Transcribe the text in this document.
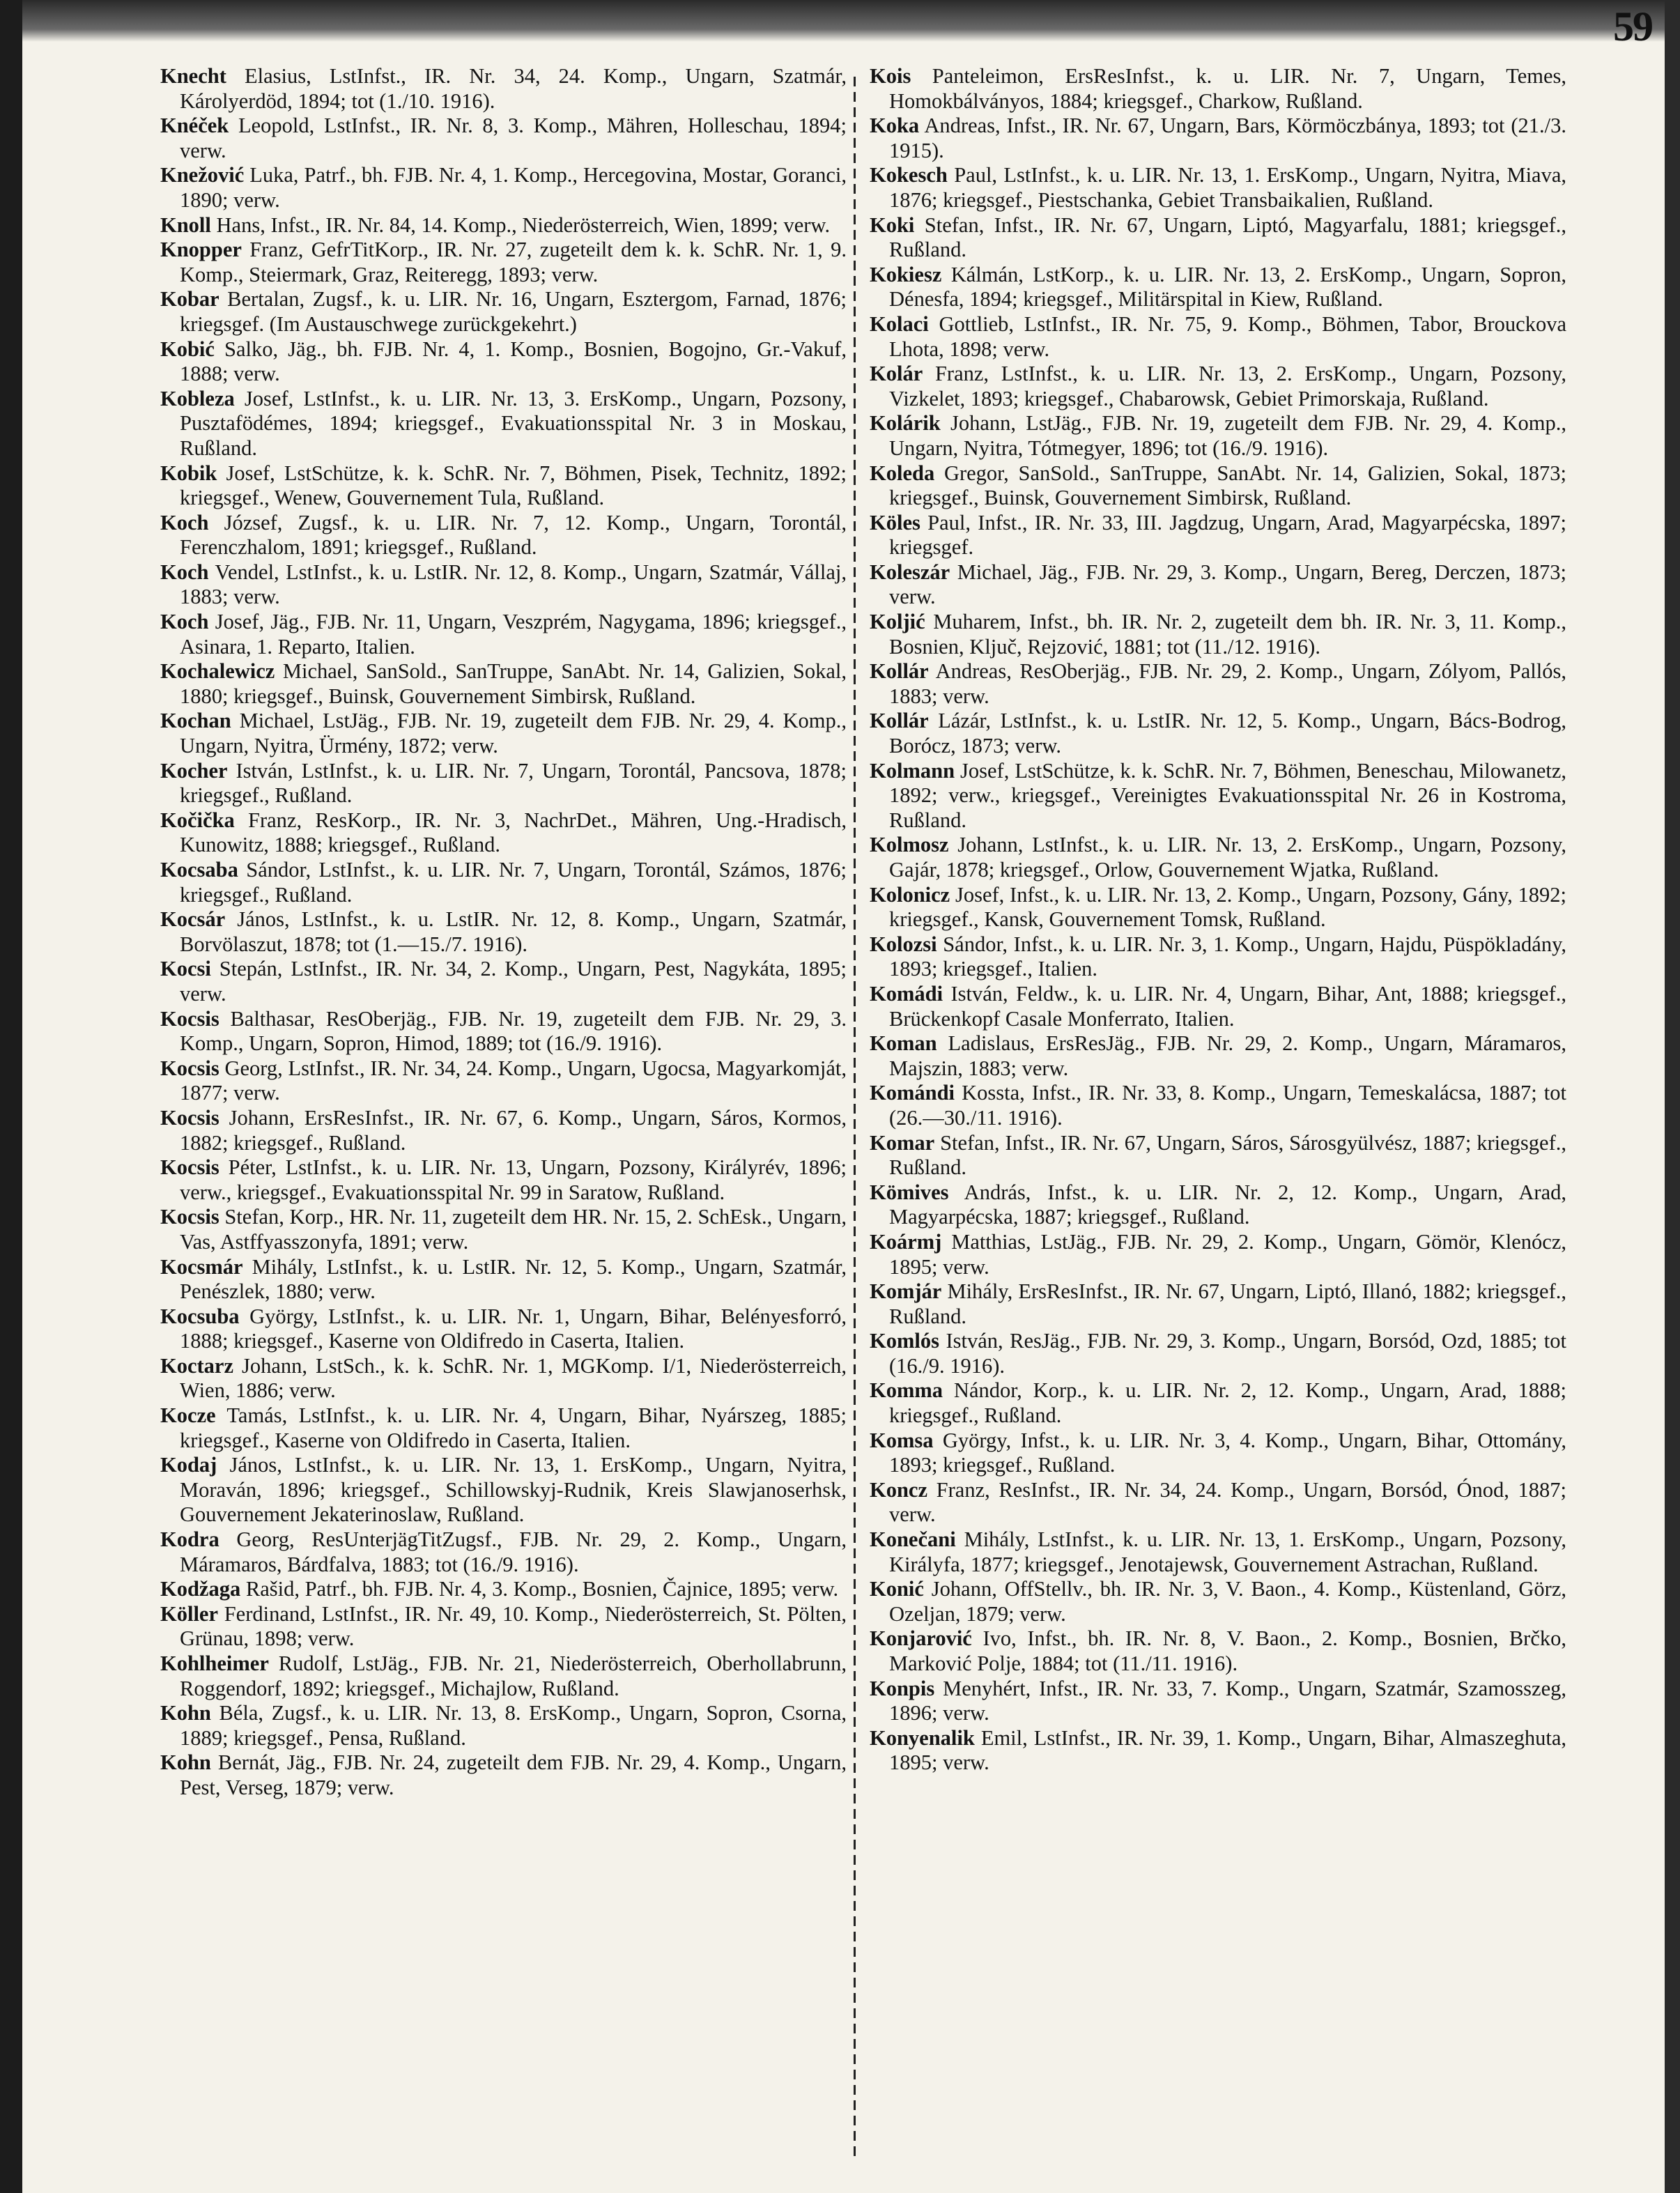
59

Knecht Elasius, LstInfst., IR. Nr. 34, 24. Komp., Ungarn, Szatmár, Károlyerdöd, 1894; tot (1./10. 1916).

Knéček Leopold, LstInfst., IR. Nr. 8, 3. Komp., Mähren, Holleschau, 1894; verw.

Knežović Luka, Patrf., bh. FJB. Nr. 4, 1. Komp., Hercegovina, Mostar, Goranci, 1890; verw.

Knoll Hans, Infst., IR. Nr. 84, 14. Komp., Niederösterreich, Wien, 1899; verw.

Knopper Franz, GefrTitKorp., IR. Nr. 27, zugeteilt dem k. k. SchR. Nr. 1, 9. Komp., Steiermark, Graz, Reiteregg, 1893; verw.

Kobar Bertalan, Zugsf., k. u. LIR. Nr. 16, Ungarn, Esztergom, Farnad, 1876; kriegsgef. (Im Austauschwege zurückgekehrt.)

Kobić Salko, Jäg., bh. FJB. Nr. 4, 1. Komp., Bosnien, Bogojno, Gr.-Vakuf, 1888; verw.

Kobleza Josef, LstInfst., k. u. LIR. Nr. 13, 3. ErsKomp., Ungarn, Pozsony, Pusztafödémes, 1894; kriegsgef., Evakuationsspital Nr. 3 in Moskau, Rußland.

Kobik Josef, LstSchütze, k. k. SchR. Nr. 7, Böhmen, Pisek, Technitz, 1892; kriegsgef., Wenew, Gouvernement Tula, Rußland.

Koch József, Zugsf., k. u. LIR. Nr. 7, 12. Komp., Ungarn, Torontál, Ferenczhalom, 1891; kriegsgef., Rußland.

Koch Vendel, LstInfst., k. u. LstIR. Nr. 12, 8. Komp., Ungarn, Szatmár, Vállaj, 1883; verw.

Koch Josef, Jäg., FJB. Nr. 11, Ungarn, Veszprém, Nagygama, 1896; kriegsgef., Asinara, 1. Reparto, Italien.

Kochalewicz Michael, SanSold., SanTruppe, SanAbt. Nr. 14, Galizien, Sokal, 1880; kriegsgef., Buinsk, Gouvernement Simbirsk, Rußland.

Kochan Michael, LstJäg., FJB. Nr. 19, zugeteilt dem FJB. Nr. 29, 4. Komp., Ungarn, Nyitra, Ürmény, 1872; verw.

Kocher István, LstInfst., k. u. LIR. Nr. 7, Ungarn, Torontál, Pancsova, 1878; kriegsgef., Rußland.

Kočička Franz, ResKorp., IR. Nr. 3, NachrDet., Mähren, Ung.-Hradisch, Kunowitz, 1888; kriegsgef., Rußland.

Kocsaba Sándor, LstInfst., k. u. LIR. Nr. 7, Ungarn, Torontál, Számos, 1876; kriegsgef., Rußland.

Kocsár János, LstInfst., k. u. LstIR. Nr. 12, 8. Komp., Ungarn, Szatmár, Borvölaszut, 1878; tot (1.—15./7. 1916).

Kocsi Stepán, LstInfst., IR. Nr. 34, 2. Komp., Ungarn, Pest, Nagykáta, 1895; verw.

Kocsis Balthasar, ResOberjäg., FJB. Nr. 19, zugeteilt dem FJB. Nr. 29, 3. Komp., Ungarn, Sopron, Himod, 1889; tot (16./9. 1916).

Kocsis Georg, LstInfst., IR. Nr. 34, 24. Komp., Ungarn, Ugocsa, Magyarkomját, 1877; verw.

Kocsis Johann, ErsResInfst., IR. Nr. 67, 6. Komp., Ungarn, Sáros, Kormos, 1882; kriegsgef., Rußland.

Kocsis Péter, LstInfst., k. u. LIR. Nr. 13, Ungarn, Pozsony, Királyrév, 1896; verw., kriegsgef., Evakuationsspital Nr. 99 in Saratow, Rußland.

Kocsis Stefan, Korp., HR. Nr. 11, zugeteilt dem HR. Nr. 15, 2. SchEsk., Ungarn, Vas, Astffyasszonyfa, 1891; verw.

Kocsmár Mihály, LstInfst., k. u. LstIR. Nr. 12, 5. Komp., Ungarn, Szatmár, Penészlek, 1880; verw.

Kocsuba György, LstInfst., k. u. LIR. Nr. 1, Ungarn, Bihar, Belényesforró, 1888; kriegsgef., Kaserne von Oldifredo in Caserta, Italien.

Koctarz Johann, LstSch., k. k. SchR. Nr. 1, MGKomp. I/1, Niederösterreich, Wien, 1886; verw.

Kocze Tamás, LstInfst., k. u. LIR. Nr. 4, Ungarn, Bihar, Nyárszeg, 1885; kriegsgef., Kaserne von Oldifredo in Caserta, Italien.

Kodaj János, LstInfst., k. u. LIR. Nr. 13, 1. ErsKomp., Ungarn, Nyitra, Moraván, 1896; kriegsgef., Schillowskyj-Rudnik, Kreis Slawjanoserhsk, Gouvernement Jekaterinoslaw, Rußland.

Kodra Georg, ResUnterjägTitZugsf., FJB. Nr. 29, 2. Komp., Ungarn, Máramaros, Bárdfalva, 1883; tot (16./9. 1916).

Kodžaga Rašid, Patrf., bh. FJB. Nr. 4, 3. Komp., Bosnien, Čajnice, 1895; verw.

Köller Ferdinand, LstInfst., IR. Nr. 49, 10. Komp., Niederösterreich, St. Pölten, Grünau, 1898; verw.

Kohlheimer Rudolf, LstJäg., FJB. Nr. 21, Niederösterreich, Oberhollabrunn, Roggendorf, 1892; kriegsgef., Michajlow, Rußland.

Kohn Béla, Zugsf., k. u. LIR. Nr. 13, 8. ErsKomp., Ungarn, Sopron, Csorna, 1889; kriegsgef., Pensa, Rußland.

Kohn Bernát, Jäg., FJB. Nr. 24, zugeteilt dem FJB. Nr. 29, 4. Komp., Ungarn, Pest, Verseg, 1879; verw.

Kois Panteleimon, ErsResInfst., k. u. LIR. Nr. 7, Ungarn, Temes, Homokbálványos, 1884; kriegsgef., Charkow, Rußland.

Koka Andreas, Infst., IR. Nr. 67, Ungarn, Bars, Körmöczbánya, 1893; tot (21./3. 1915).

Kokesch Paul, LstInfst., k. u. LIR. Nr. 13, 1. ErsKomp., Ungarn, Nyitra, Miava, 1876; kriegsgef., Piestschanka, Gebiet Transbaikalien, Rußland.

Koki Stefan, Infst., IR. Nr. 67, Ungarn, Liptó, Magyarfalu, 1881; kriegsgef., Rußland.

Kokiesz Kálmán, LstKorp., k. u. LIR. Nr. 13, 2. ErsKomp., Ungarn, Sopron, Dénesfa, 1894; kriegsgef., Militärspital in Kiew, Rußland.

Kolaci Gottlieb, LstInfst., IR. Nr. 75, 9. Komp., Böhmen, Tabor, Brouckova Lhota, 1898; verw.

Kolár Franz, LstInfst., k. u. LIR. Nr. 13, 2. ErsKomp., Ungarn, Pozsony, Vizkelet, 1893; kriegsgef., Chabarowsk, Gebiet Primorskaja, Rußland.

Kolárik Johann, LstJäg., FJB. Nr. 19, zugeteilt dem FJB. Nr. 29, 4. Komp., Ungarn, Nyitra, Tótmegyer, 1896; tot (16./9. 1916).

Koleda Gregor, SanSold., SanTruppe, SanAbt. Nr. 14, Galizien, Sokal, 1873; kriegsgef., Buinsk, Gouvernement Simbirsk, Rußland.

Köles Paul, Infst., IR. Nr. 33, III. Jagdzug, Ungarn, Arad, Magyarpécska, 1897; kriegsgef.

Koleszár Michael, Jäg., FJB. Nr. 29, 3. Komp., Ungarn, Bereg, Derczen, 1873; verw.

Koljić Muharem, Infst., bh. IR. Nr. 2, zugeteilt dem bh. IR. Nr. 3, 11. Komp., Bosnien, Ključ, Rejzović, 1881; tot (11./12. 1916).

Kollár Andreas, ResOberjäg., FJB. Nr. 29, 2. Komp., Ungarn, Zólyom, Pallós, 1883; verw.

Kollár Lázár, LstInfst., k. u. LstIR. Nr. 12, 5. Komp., Ungarn, Bács-Bodrog, Borócz, 1873; verw.

Kolmann Josef, LstSchütze, k. k. SchR. Nr. 7, Böhmen, Beneschau, Milowanetz, 1892; verw., kriegsgef., Vereinigtes Evakuationsspital Nr. 26 in Kostroma, Rußland.

Kolmosz Johann, LstInfst., k. u. LIR. Nr. 13, 2. ErsKomp., Ungarn, Pozsony, Gajár, 1878; kriegsgef., Orlow, Gouvernement Wjatka, Rußland.

Kolonicz Josef, Infst., k. u. LIR. Nr. 13, 2. Komp., Ungarn, Pozsony, Gány, 1892; kriegsgef., Kansk, Gouvernement Tomsk, Rußland.

Kolozsi Sándor, Infst., k. u. LIR. Nr. 3, 1. Komp., Ungarn, Hajdu, Püspökladány, 1893; kriegsgef., Italien.

Komádi István, Feldw., k. u. LIR. Nr. 4, Ungarn, Bihar, Ant, 1888; kriegsgef., Brückenkopf Casale Monferrato, Italien.

Koman Ladislaus, ErsResJäg., FJB. Nr. 29, 2. Komp., Ungarn, Máramaros, Majszin, 1883; verw.

Komándi Kossta, Infst., IR. Nr. 33, 8. Komp., Ungarn, Temeskalácsa, 1887; tot (26.—30./11. 1916).

Komar Stefan, Infst., IR. Nr. 67, Ungarn, Sáros, Sárosgyülvész, 1887; kriegsgef., Rußland.

Kömives András, Infst., k. u. LIR. Nr. 2, 12. Komp., Ungarn, Arad, Magyarpécska, 1887; kriegsgef., Rußland.

Koármj Matthias, LstJäg., FJB. Nr. 29, 2. Komp., Ungarn, Gömör, Klenócz, 1895; verw.

Komjár Mihály, ErsResInfst., IR. Nr. 67, Ungarn, Liptó, Illanó, 1882; kriegsgef., Rußland.

Komlós István, ResJäg., FJB. Nr. 29, 3. Komp., Ungarn, Borsód, Ozd, 1885; tot (16./9. 1916).

Komma Nándor, Korp., k. u. LIR. Nr. 2, 12. Komp., Ungarn, Arad, 1888; kriegsgef., Rußland.

Komsa György, Infst., k. u. LIR. Nr. 3, 4. Komp., Ungarn, Bihar, Ottomány, 1893; kriegsgef., Rußland.

Koncz Franz, ResInfst., IR. Nr. 34, 24. Komp., Ungarn, Borsód, Ónod, 1887; verw.

Konečani Mihály, LstInfst., k. u. LIR. Nr. 13, 1. ErsKomp., Ungarn, Pozsony, Királyfa, 1877; kriegsgef., Jenotajewsk, Gouvernement Astrachan, Rußland.

Konić Johann, OffStellv., bh. IR. Nr. 3, V. Baon., 4. Komp., Küstenland, Görz, Ozeljan, 1879; verw.

Konjarović Ivo, Infst., bh. IR. Nr. 8, V. Baon., 2. Komp., Bosnien, Brčko, Marković Polje, 1884; tot (11./11. 1916).

Konpis Menyhért, Infst., IR. Nr. 33, 7. Komp., Ungarn, Szatmár, Szamosszeg, 1896; verw.

Konyenalik Emil, LstInfst., IR. Nr. 39, 1. Komp., Ungarn, Bihar, Almaszeghuta, 1895; verw.
